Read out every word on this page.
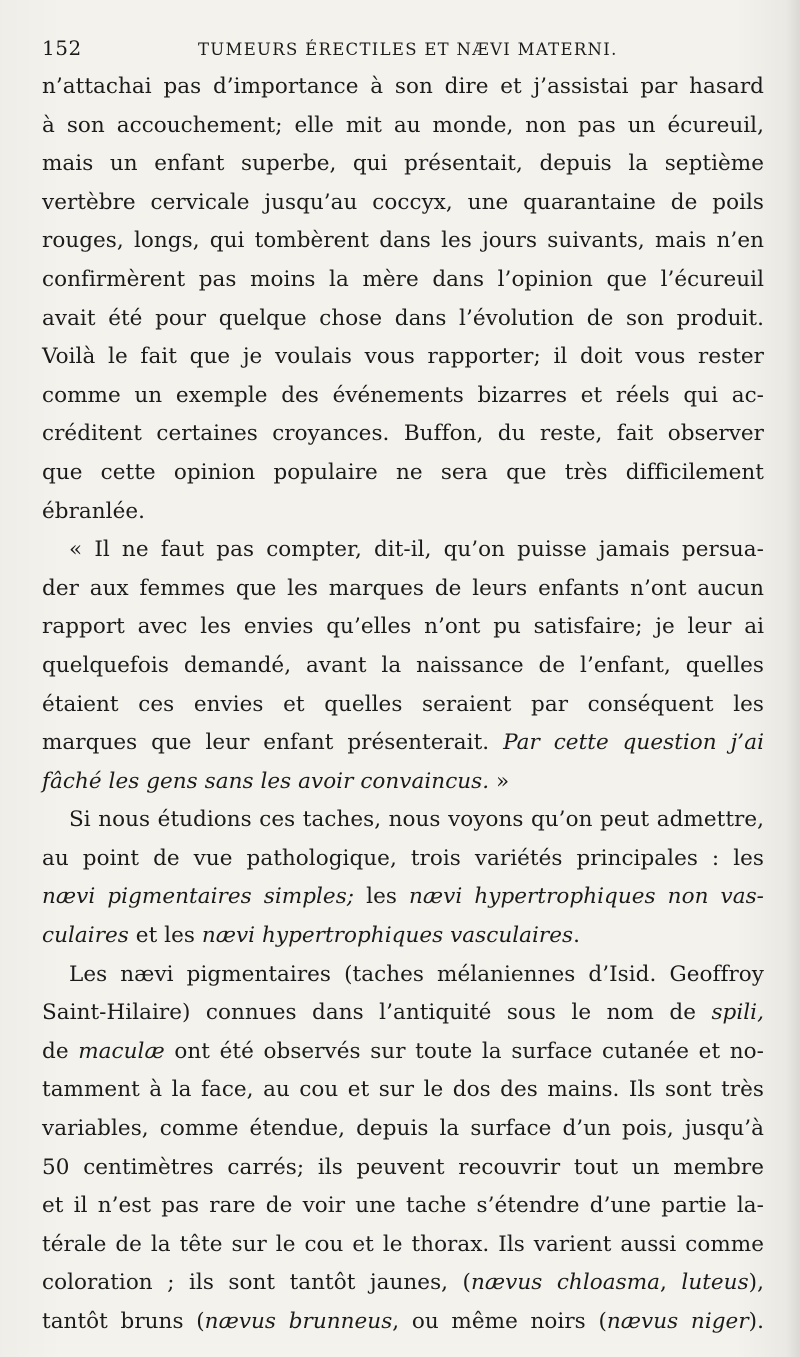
152	TUMEURS ÉRECTILES ET NÆVI MATERNI.
n’attachai pas d’importance à son dire et j’assistai par hasard
à son accouchement; elle mit au monde, non pas un écureuil,
mais un enfant superbe, qui présentait, depuis la septième
vertèbre cervicale jusqu’au coccyx, une quarantaine de poils
rouges, longs, qui tombèrent dans les jours suivants, mais n’en
confirmèrent pas moins la mère dans l’opinion que l’écureuil
avait été pour quelque chose dans l’évolution de son produit.
Voilà le fait que je voulais vous rapporter; il doit vous rester
comme un exemple des événements bizarres et réels qui ac-
créditent certaines croyances. Buffon, du reste, fait observer
que cette opinion populaire ne sera que très difficilement
ébranlée.
« Il ne faut pas compter, dit-il, qu’on puisse jamais persua-
der aux femmes que les marques de leurs enfants n’ont aucun
rapport avec les envies qu’elles n’ont pu satisfaire; je leur ai
quelquefois demandé, avant la naissance de l’enfant, quelles
étaient ces envies et quelles seraient par conséquent les
marques que leur enfant présenterait. Par cette question j’ai
fâché les gens sans les avoir convaincus. »
Si nous étudions ces taches, nous voyons qu’on peut admettre,
au point de vue pathologique, trois variétés principales : les
nævi pigmentaires simples; les nævi hypertrophiques non vas-
culaires et les nævi hypertrophiques vasculaires.
Les nævi pigmentaires (taches mélaniennes d’Isid. Geoffroy
Saint-Hilaire) connues dans l’antiquité sous le nom de spili,
de maculæ ont été observés sur toute la surface cutanée et no-
tamment à la face, au cou et sur le dos des mains. Ils sont très
variables, comme étendue, depuis la surface d’un pois, jusqu’à
50 centimètres carrés; ils peuvent recouvrir tout un membre
et il n’est pas rare de voir une tache s’étendre d’une partie la-
térale de la tête sur le cou et le thorax. Ils varient aussi comme
coloration ; ils sont tantôt jaunes, (nævus chloasma, luteus),
tantôt bruns (nævus brunneus, ou même noirs (nævus niger).
